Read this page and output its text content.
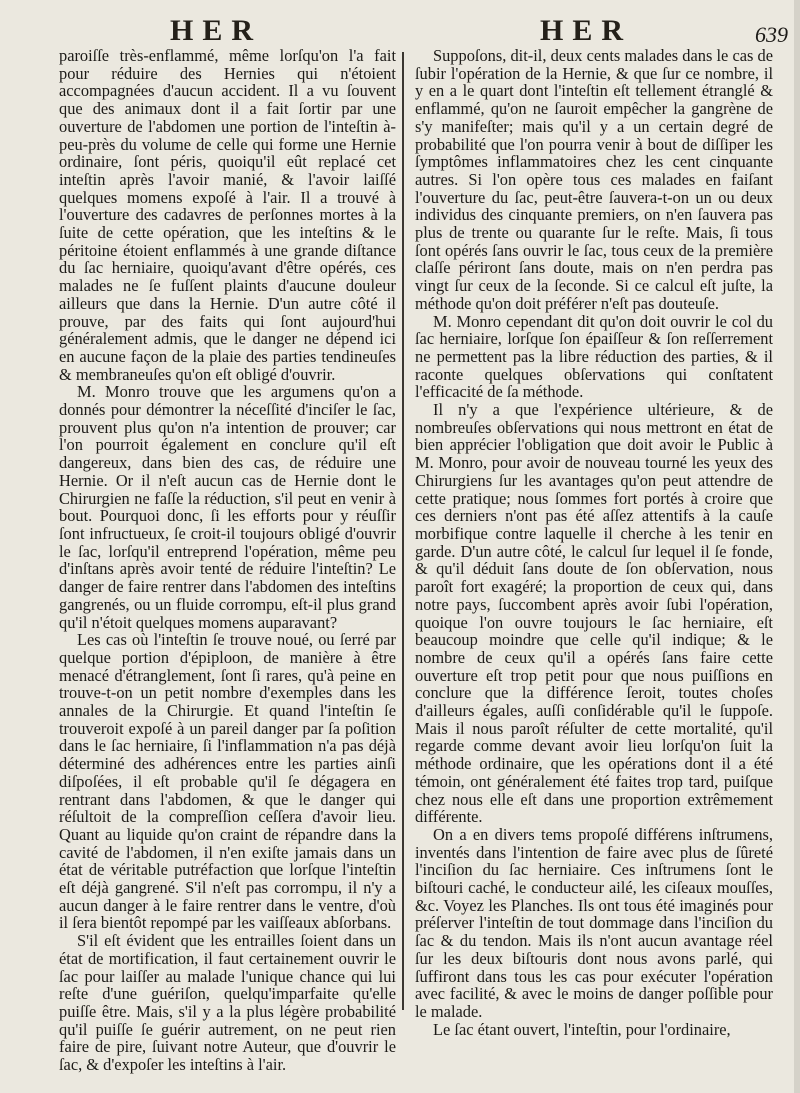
HER	HER	639

paroiſſe très-enflammé, même lorſqu'on l'a fait pour réduire des Hernies qui n'étoient accompagnées d'aucun accident. Il a vu ſouvent que des animaux dont il a fait ſortir par une ouverture de l'abdomen une portion de l'inteſtin à-peu-près du volume de celle qui forme une Hernie ordinaire, ſont péris, quoiqu'il eût replacé cet inteſtin après l'avoir manié, & l'avoir laiſſé quelques momens expoſé à l'air. Il a trouvé à l'ouverture des cadavres de perſonnes mortes à la ſuite de cette opération, que les inteſtins & le péritoine étoient enflammés à une grande diſtance du ſac herniaire, quoiqu'avant d'être opérés, ces malades ne ſe fuſſent plaints d'aucune douleur ailleurs que dans la Hernie. D'un autre côté il prouve, par des faits qui ſont aujourd'hui généralement admis, que le danger ne dépend ici en aucune façon de la plaie des parties tendineuſes & membraneuſes qu'on eſt obligé d'ouvrir.

M. Monro trouve que les argumens qu'on a donnés pour démontrer la néceſſité d'inciſer le ſac, prouvent plus qu'on n'a intention de prouver; car l'on pourroit également en conclure qu'il eſt dangereux, dans bien des cas, de réduire une Hernie. Or il n'eſt aucun cas de Hernie dont le Chirurgien ne faſſe la réduction, s'il peut en venir à bout. Pourquoi donc, ſi les efforts pour y réuſſir ſont infructueux, ſe croit-il toujours obligé d'ouvrir le ſac, lorſqu'il entreprend l'opération, même peu d'inſtans après avoir tenté de réduire l'inteſtin? Le danger de faire rentrer dans l'abdomen des inteſtins gangrenés, ou un fluide corrompu, eſt-il plus grand qu'il n'étoit quelques momens auparavant?

Les cas où l'inteſtin ſe trouve noué, ou ſerré par quelque portion d'épiploon, de manière à être menacé d'étranglement, ſont ſi rares, qu'à peine en trouve-t-on un petit nombre d'exemples dans les annales de la Chirurgie. Et quand l'inteſtin ſe trouveroit expoſé à un pareil danger par ſa poſition dans le ſac herniaire, ſi l'inflammation n'a pas déjà déterminé des adhérences entre les parties ainſi diſpoſées, il eſt probable qu'il ſe dégagera en rentrant dans l'abdomen, & que le danger qui réſultoit de la compreſſion ceſſera d'avoir lieu. Quant au liquide qu'on craint de répandre dans la cavité de l'abdomen, il n'en exiſte jamais dans un état de véritable putréfaction que lorſque l'inteſtin eſt déjà gangrené. S'il n'eſt pas corrompu, il n'y a aucun danger à le faire rentrer dans le ventre, d'où il ſera bientôt repompé par les vaiſſeaux abſorbans.

S'il eſt évident que les entrailles ſoient dans un état de mortification, il faut certainement ouvrir le ſac pour laiſſer au malade l'unique chance qui lui reſte d'une guériſon, quelqu'imparfaite qu'elle puiſſe être. Mais, s'il y a la plus légère probabilité qu'il puiſſe ſe guérir autrement, on ne peut rien faire de pire, ſuivant notre Auteur, que d'ouvrir le ſac, & d'expoſer les inteſtins à l'air.

Suppoſons, dit-il, deux cents malades dans le cas de ſubir l'opération de la Hernie, & que ſur ce nombre, il y en a le quart dont l'inteſtin eſt tellement étranglé & enflammé, qu'on ne ſauroit empêcher la gangrène de s'y manifeſter; mais qu'il y a un certain degré de probabilité que l'on pourra venir à bout de diſſiper les ſymptômes inflammatoires chez les cent cinquante autres. Si l'on opère tous ces malades en faiſant l'ouverture du ſac, peut-être ſauvera-t-on un ou deux individus des cinquante premiers, on n'en ſauvera pas plus de trente ou quarante ſur le reſte. Mais, ſi tous ſont opérés ſans ouvrir le ſac, tous ceux de la première claſſe périront ſans doute, mais on n'en perdra pas vingt ſur ceux de la ſeconde. Si ce calcul eſt juſte, la méthode qu'on doit préférer n'eſt pas douteuſe.

M. Monro cependant dit qu'on doit ouvrir le col du ſac herniaire, lorſque ſon épaiſſeur & ſon reſſerrement ne permettent pas la libre réduction des parties, & il raconte quelques obſervations qui conſtatent l'efficacité de ſa méthode.

Il n'y a que l'expérience ultérieure, & de nombreuſes obſervations qui nous mettront en état de bien apprécier l'obligation que doit avoir le Public à M. Monro, pour avoir de nouveau tourné les yeux des Chirurgiens ſur les avantages qu'on peut attendre de cette pratique; nous ſommes fort portés à croire que ces derniers n'ont pas été aſſez attentifs à la cauſe morbifique contre laquelle il cherche à les tenir en garde. D'un autre côté, le calcul ſur lequel il ſe fonde, & qu'il déduit ſans doute de ſon obſervation, nous paroît fort exagéré; la proportion de ceux qui, dans notre pays, ſuccombent après avoir ſubi l'opération, quoique l'on ouvre toujours le ſac herniaire, eſt beaucoup moindre que celle qu'il indique; & le nombre de ceux qu'il a opérés ſans faire cette ouverture eſt trop petit pour que nous puiſſions en conclure que la différence ſeroit, toutes choſes d'ailleurs égales, auſſi conſidérable qu'il le ſuppoſe. Mais il nous paroît réſulter de cette mortalité, qu'il regarde comme devant avoir lieu lorſqu'on ſuit la méthode ordinaire, que les opérations dont il a été témoin, ont généralement été faites trop tard, puiſque chez nous elle eſt dans une proportion extrêmement différente.

On a en divers tems propoſé différens inſtrumens, inventés dans l'intention de faire avec plus de ſûreté l'inciſion du ſac herniaire. Ces inſtrumens ſont le biſtouri caché, le conducteur ailé, les ciſeaux mouſſes, &c. Voyez les Planches. Ils ont tous été imaginés pour préſerver l'inteſtin de tout dommage dans l'inciſion du ſac & du tendon. Mais ils n'ont aucun avantage réel ſur les deux biſtouris dont nous avons parlé, qui ſuffiront dans tous les cas pour exécuter l'opération avec facilité, & avec le moins de danger poſſible pour le malade.

Le ſac étant ouvert, l'inteſtin, pour l'ordinaire,
